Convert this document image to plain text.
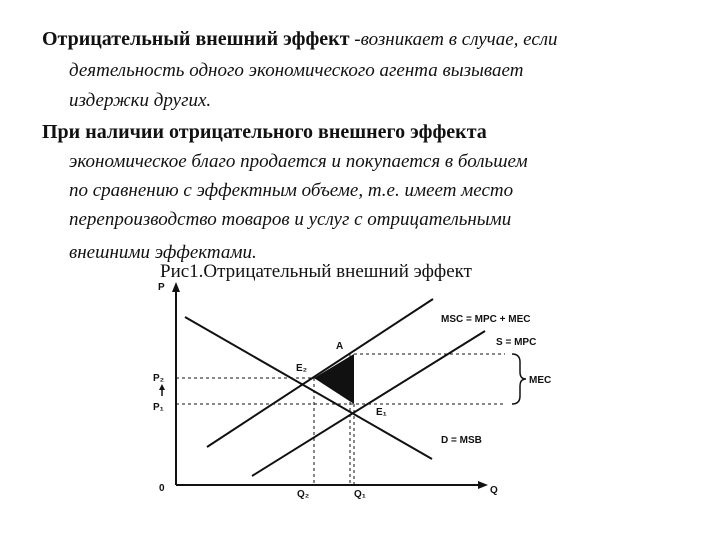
Отрицательный внешний эффект -возникает в случае, если
деятельность одного экономического агента вызывает
издержки других.
При наличии отрицательного внешнего эффекта
экономическое благо продается и покупается в большем
по сравнению с эффектным объеме, т.е. имеет место
перепроизводство товаров и услуг с отрицательными
внешними эффектами.
Рис1.Отрицательный внешний эффект
P
Q
0
MSC = MPC + MEC
S = MPC
D = MSB
MEC
A
E₂
E₁
P₂
P₁
Q₂	Q₁
